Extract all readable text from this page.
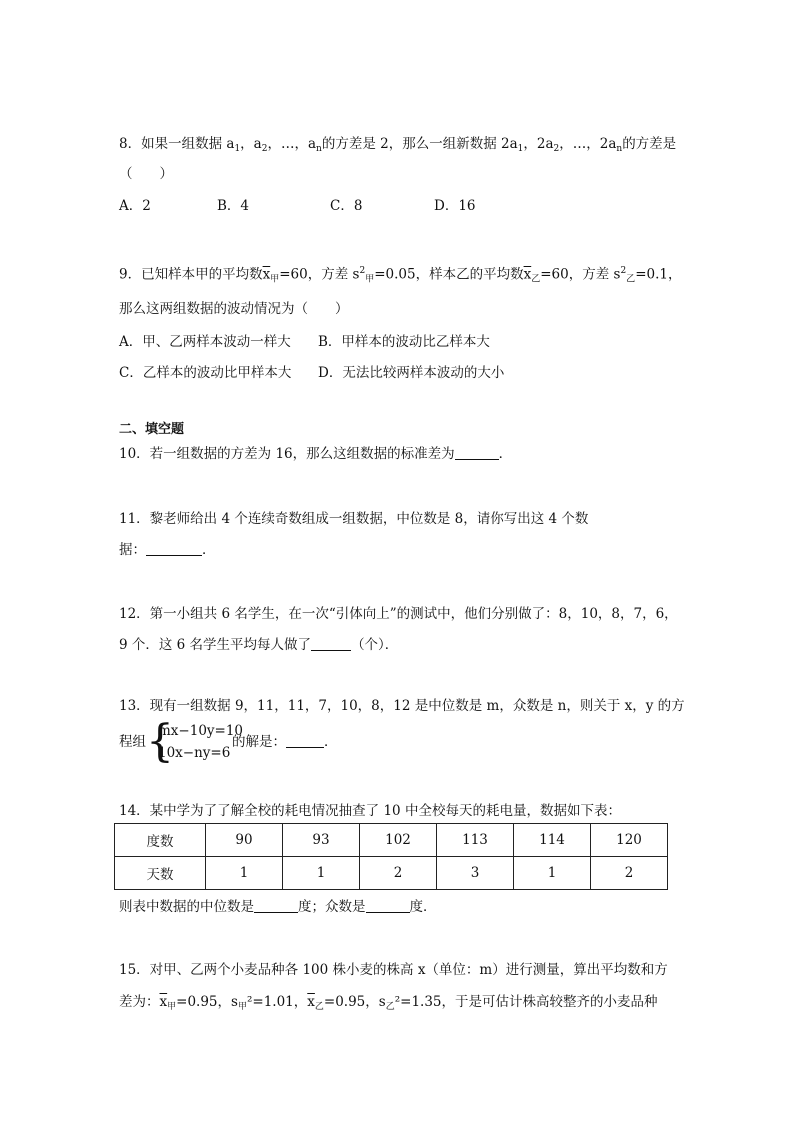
8．如果一组数据 $a_1$，$a_2$，…，$a_n$的方差是 2，那么一组新数据 $2a_1$，$2a_2$，…，$2a_n$的方差是
（　　）
A．2	B．4	C．8	D．16
9．已知样本甲的平均数$\overline{x}_甲=60$，方差 $s^2_甲=0.05$，样本乙的平均数$\overline{x}_乙=60$，方差 $s^2_乙=0.1$，
那么这两组数据的波动情况为（　　）
A．甲、乙两样本波动一样大 B．甲样本的波动比乙样本大
C．乙样本的波动比甲样本大 D．无法比较两样本波动的大小
二、填空题
10．若一组数据的方差为 16，那么这组数据的标准差为	．
11．黎老师给出 4 个连续奇数组成一组数据，中位数是 8，请你写出这 4 个数
据：	．
12．第一小组共 6 名学生，在一次“引体向上”的测试中，他们分别做了：8，10，8，7，6，
9 个．这 6 名学生平均每人做了	（个）．
13．现有一组数据 9，11，11，7，10，8，12 是中位数是 m，众数是 n，则关于 x，y 的方
程组 {
mx−10y=10
10x−ny=6
的解是：	．
14．某中学为了了解全校的耗电情况抽查了 10 中全校每天的耗电量，数据如下表：
度数	90	93	102	113	114	120
天数	1	1	2	3	1	2
则表中数据的中位数是	度；众数是	度．
15．对甲、乙两个小麦品种各 100 株小麦的株高 x（单位：m）进行测量，算出平均数和方
差为：$\overline{x}_甲=0.95$，$s_甲^2=1.01$，$\overline{x}_乙=0.95$，$s_乙^2=1.35$，于是可估计株高较整齐的小麦品种
